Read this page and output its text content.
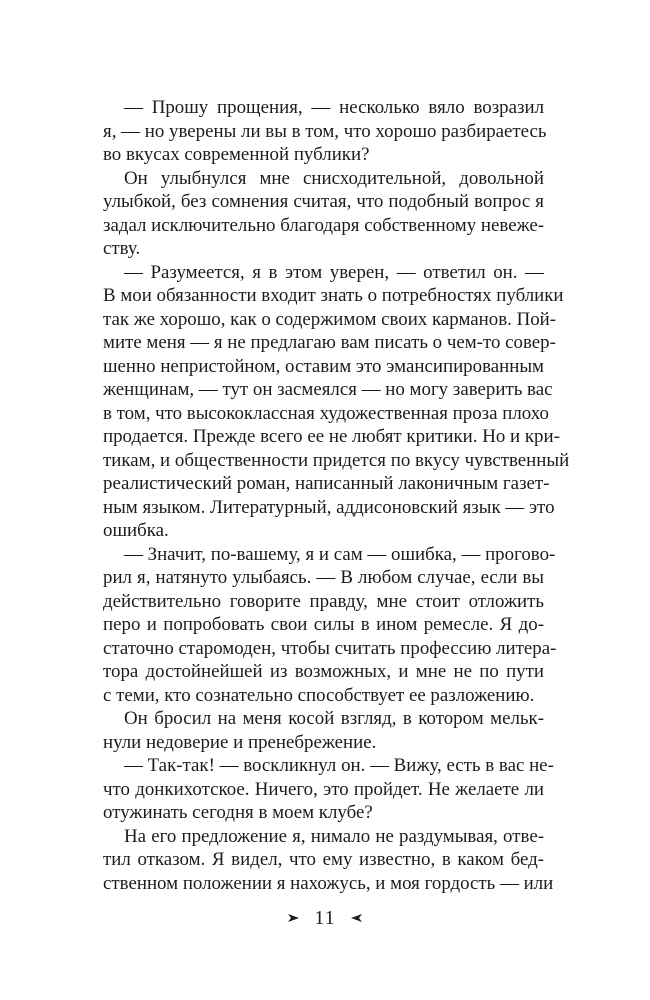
— Прошу прощения, — несколько вяло возразил
я, — но уверены ли вы в том, что хорошо разбираетесь
во вкусах современной публики?
Он улыбнулся мне снисходительной, довольной
улыбкой, без сомнения считая, что подобный вопрос я
задал исключительно благодаря собственному невеже-
ству.
— Разумеется, я в этом уверен, — ответил он. —
В мои обязанности входит знать о потребностях публики
так же хорошо, как о содержимом своих карманов. Пой-
мите меня — я не предлагаю вам писать о чем-то совер-
шенно непристойном, оставим это эмансипированным
женщинам, — тут он засмеялся — но могу заверить вас
в том, что высококлассная художественная проза плохо
продается. Прежде всего ее не любят критики. Но и кри-
тикам, и общественности придется по вкусу чувственный
реалистический роман, написанный лаконичным газет-
ным языком. Литературный, аддисоновский язык — это
ошибка.
— Значит, по-вашему, я и сам — ошибка, — прогово-
рил я, натянуто улыбаясь. — В любом случае, если вы
действительно говорите правду, мне стоит отложить
перо и попробовать свои силы в ином ремесле. Я до-
статочно старомоден, чтобы считать профессию литера-
тора достойнейшей из возможных, и мне не по пути
с теми, кто сознательно способствует ее разложению.
Он бросил на меня косой взгляд, в котором мельк-
нули недоверие и пренебрежение.
— Так-так! — воскликнул он. — Вижу, есть в вас не-
что донкихотское. Ничего, это пройдет. Не желаете ли
отужинать сегодня в моем клубе?
На его предложение я, нимало не раздумывая, отве-
тил отказом. Я видел, что ему известно, в каком бед-
ственном положении я нахожусь, и моя гордость — или
11
